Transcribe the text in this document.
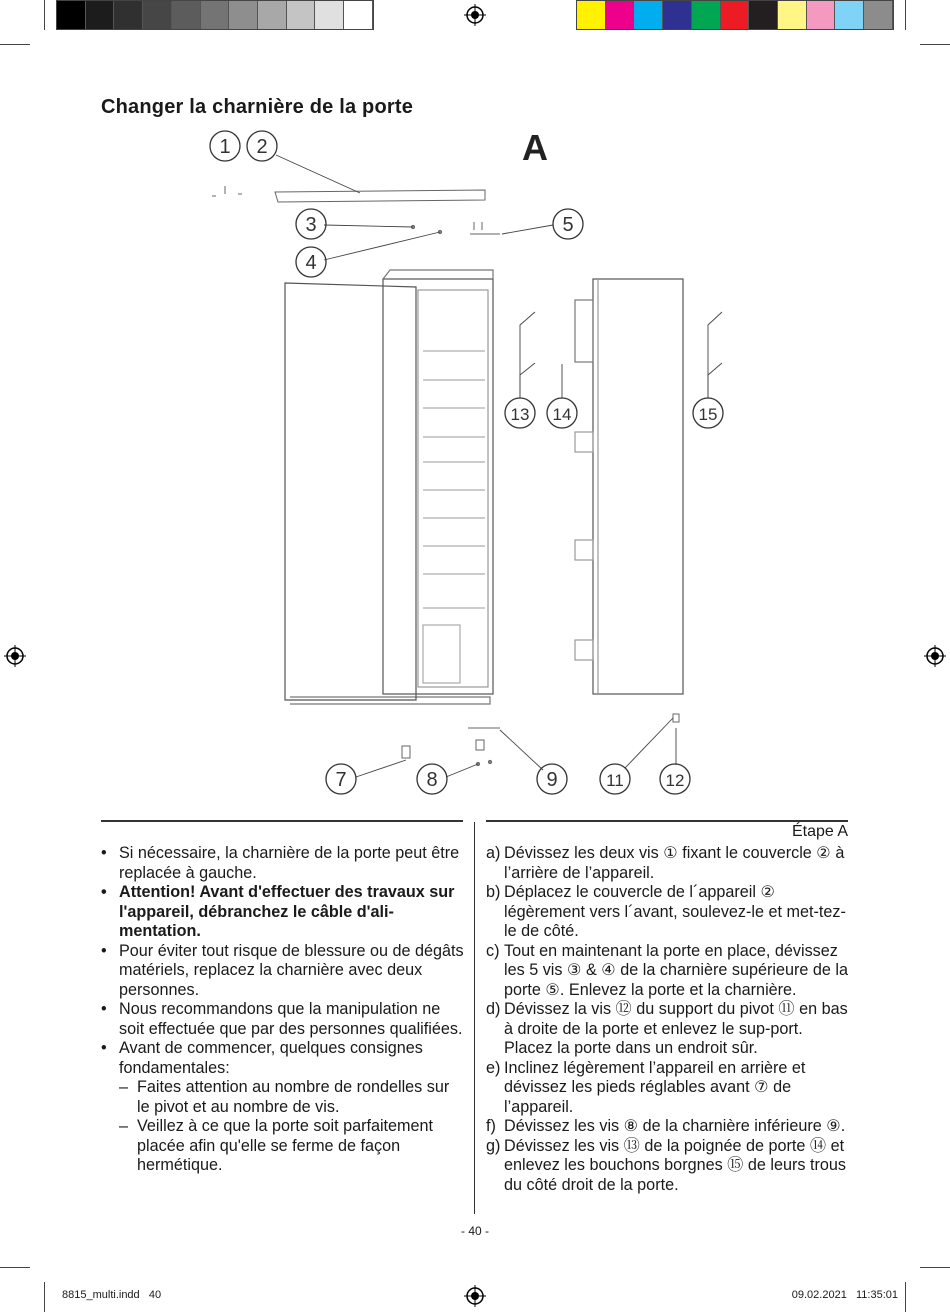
Changer la charnière de la porte
A
1 2
3
4
5
13 14	15
7	8	9	11 12
• Si nécessaire, la charnière de la porte peut être replacée à gauche.
• Attention! Avant d'effectuer des travaux sur l'appareil, débranchez le câble d'ali-mentation.
• Pour éviter tout risque de blessure ou de dégâts matériels, replacez la charnière avec deux personnes.
• Nous recommandons que la manipulation ne soit effectuée que par des personnes qualifiées.
• Avant de commencer, quelques consignes fondamentales:
– Faites attention au nombre de rondelles sur le pivot et au nombre de vis.
– Veillez à ce que la porte soit parfaitement placée afin qu'elle se ferme de façon hermétique.
Étape A
a) Dévissez les deux vis ① fixant le couvercle ② à l’arrière de l’appareil.
b) Déplacez le couvercle de l´appareil ② légèrement vers l´avant, soulevez-le et met-tez-le de côté.
c) Tout en maintenant la porte en place, dévissez les 5 vis ③ & ④ de la charnière supérieure de la porte ⑤. Enlevez la porte et la charnière.
d) Dévissez la vis ⑫ du support du pivot ⑪ en bas à droite de la porte et enlevez le sup-port. Placez la porte dans un endroit sûr.
e) Inclinez légèrement l’appareil en arrière et dévissez les pieds réglables avant ⑦ de l’appareil.
f) Dévissez les vis ⑧ de la charnière inférieure ⑨.
g) Dévissez les vis ⑬ de la poignée de porte ⑭ et enlevez les bouchons borgnes ⑮ de leurs trous du côté droit de la porte.
- 40 -
8815_multi.indd   40	09.02.2021   11:35:01
